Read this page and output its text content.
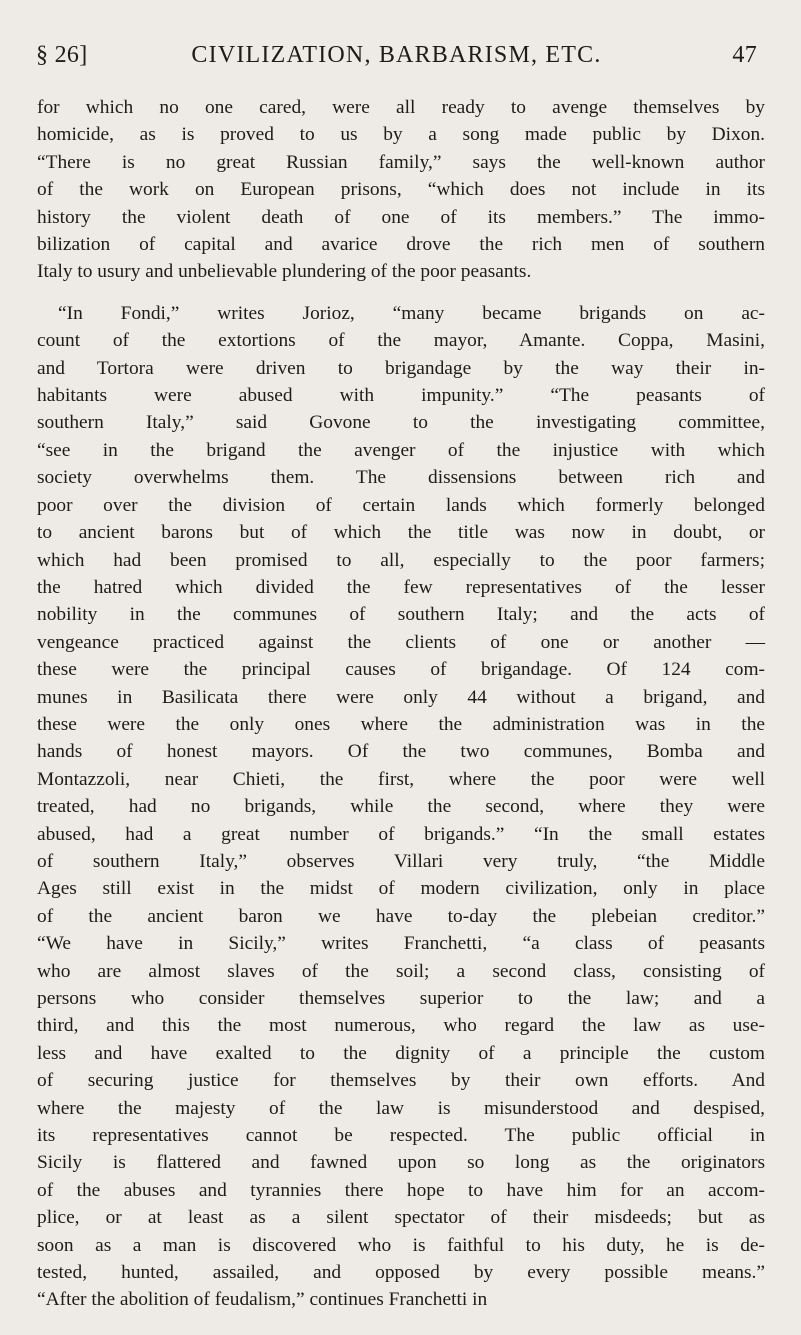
CIVILIZATION, BARBARISM, ETC.
§ 26]	47
for which no one cared, were all ready to avenge themselves by
homicide, as is proved to us by a song made public by Dixon.
“There is no great Russian family,” says the well-known author
of the work on European prisons, “which does not include in its
history the violent death of one of its members.” The immo-
bilization of capital and avarice drove the rich men of southern
Italy to usury and unbelievable plundering of the poor peasants.
“In Fondi,” writes Jorioz, “many became brigands on ac-
count of the extortions of the mayor, Amante. Coppa, Masini,
and Tortora were driven to brigandage by the way their in-
habitants were abused with impunity.” “The peasants of
southern Italy,” said Govone to the investigating committee,
“see in the brigand the avenger of the injustice with which
society overwhelms them. The dissensions between rich and
poor over the division of certain lands which formerly belonged
to ancient barons but of which the title was now in doubt, or
which had been promised to all, especially to the poor farmers;
the hatred which divided the few representatives of the lesser
nobility in the communes of southern Italy; and the acts of
vengeance practiced against the clients of one or another —
these were the principal causes of brigandage. Of 124 com-
munes in Basilicata there were only 44 without a brigand, and
these were the only ones where the administration was in the
hands of honest mayors. Of the two communes, Bomba and
Montazzoli, near Chieti, the first, where the poor were well
treated, had no brigands, while the second, where they were
abused, had a great number of brigands.” “In the small estates
of southern Italy,” observes Villari very truly, “the Middle
Ages still exist in the midst of modern civilization, only in place
of the ancient baron we have to-day the plebeian creditor.”
“We have in Sicily,” writes Franchetti, “a class of peasants
who are almost slaves of the soil; a second class, consisting of
persons who consider themselves superior to the law; and a
third, and this the most numerous, who regard the law as use-
less and have exalted to the dignity of a principle the custom
of securing justice for themselves by their own efforts. And
where the majesty of the law is misunderstood and despised,
its representatives cannot be respected. The public official in
Sicily is flattered and fawned upon so long as the originators
of the abuses and tyrannies there hope to have him for an accom-
plice, or at least as a silent spectator of their misdeeds; but as
soon as a man is discovered who is faithful to his duty, he is de-
tested, hunted, assailed, and opposed by every possible means.”
“After the abolition of feudalism,” continues Franchetti in
